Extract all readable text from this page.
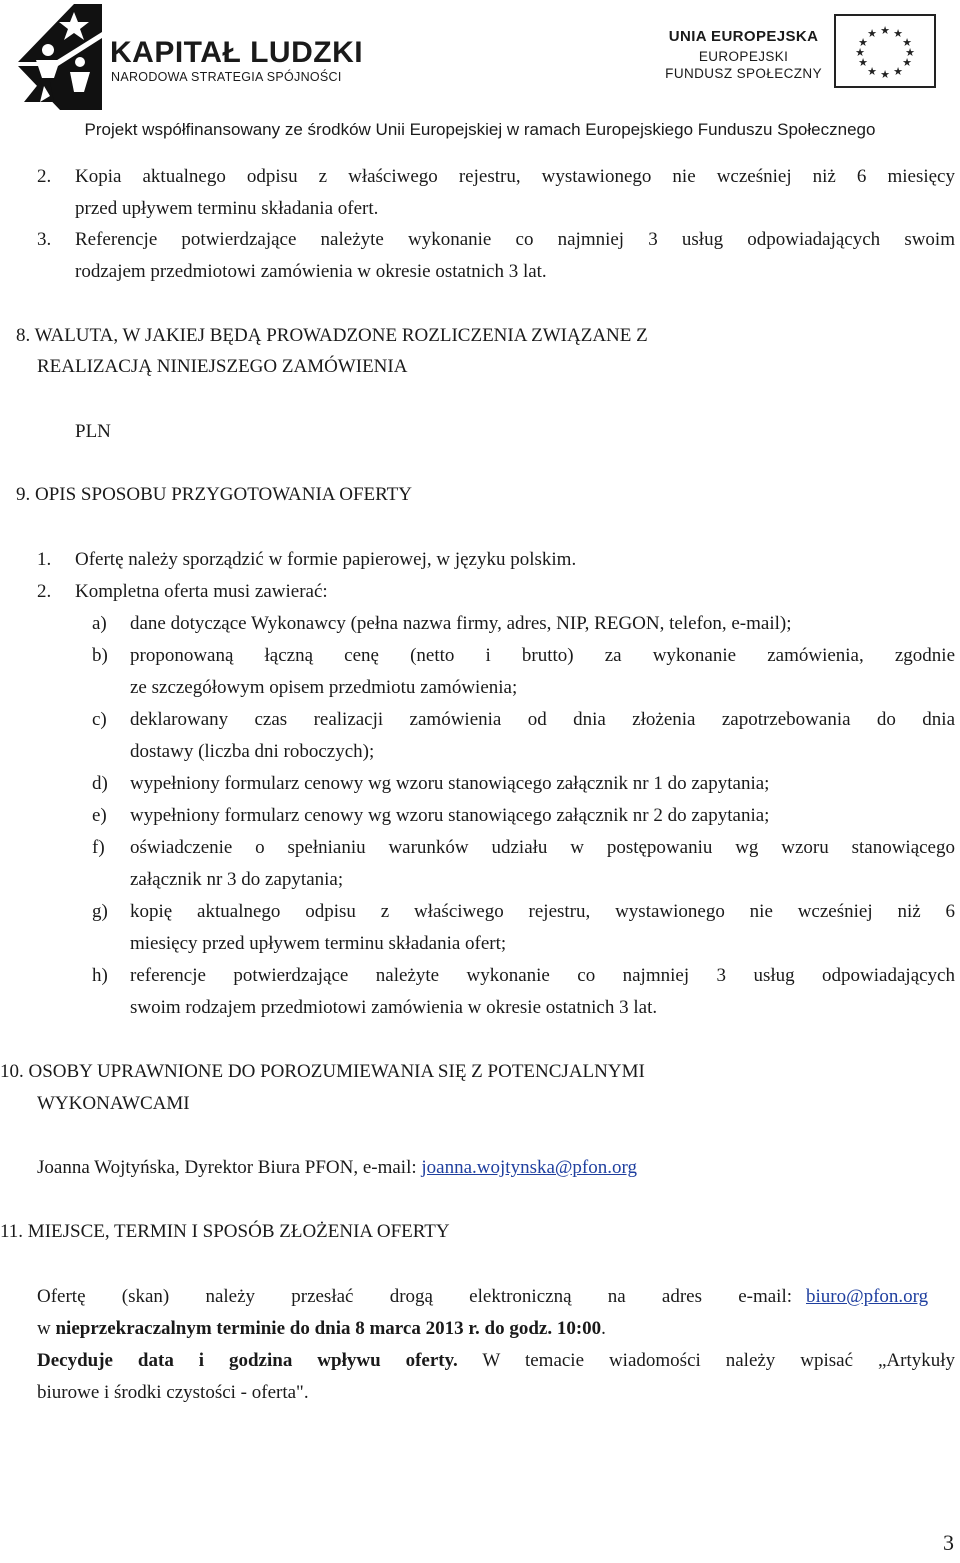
KAPITAŁ LUDZKI
NARODOWA STRATEGIA SPÓJNOŚCI
UNIA EUROPEJSKA
EUROPEJSKI
FUNDUSZ SPOŁECZNY
★ ★
★
★
★
★
★
★
★
★
★
★
Projekt współfinansowany ze środków Unii Europejskiej w ramach Europejskiego Funduszu Społecznego
2. Kopia aktualnego odpisu z właściwego rejestru, wystawionego nie wcześniej niż 6 miesięcy
przed upływem terminu składania ofert.
3. Referencje potwierdzające należyte wykonanie co najmniej 3 usług odpowiadających swoim
rodzajem przedmiotowi zamówienia w okresie ostatnich 3 lat.
8. WALUTA, W JAKIEJ BĘDĄ PROWADZONE ROZLICZENIA ZWIĄZANE Z
REALIZACJĄ NINIEJSZEGO ZAMÓWIENIA
PLN
9. OPIS SPOSOBU PRZYGOTOWANIA OFERTY
1. Ofertę należy sporządzić w formie papierowej, w języku polskim.
2. Kompletna oferta musi zawierać:
a) dane dotyczące Wykonawcy (pełna nazwa firmy, adres, NIP, REGON, telefon, e-mail);
b) proponowaną łączną cenę (netto i brutto) za wykonanie zamówienia, zgodnie
ze szczegółowym opisem przedmiotu zamówienia;
c) deklarowany czas realizacji zamówienia od dnia złożenia zapotrzebowania do dnia
dostawy (liczba dni roboczych);
d) wypełniony formularz cenowy wg wzoru stanowiącego załącznik nr 1 do zapytania;
e) wypełniony formularz cenowy wg wzoru stanowiącego załącznik nr 2 do zapytania;
f) oświadczenie o spełnianiu warunków udziału w postępowaniu wg wzoru stanowiącego
załącznik nr 3 do zapytania;
g) kopię aktualnego odpisu z właściwego rejestru, wystawionego nie wcześniej niż 6
miesięcy przed upływem terminu składania ofert;
h) referencje potwierdzające należyte wykonanie co najmniej 3 usług odpowiadających
swoim rodzajem przedmiotowi zamówienia w okresie ostatnich 3 lat.
10. OSOBY UPRAWNIONE DO POROZUMIEWANIA SIĘ Z POTENCJALNYMI
WYKONAWCAMI
Joanna Wojtyńska, Dyrektor Biura PFON, e-mail: joanna.wojtynska@pfon.org
11. MIEJSCE, TERMIN I SPOSÓB ZŁOŻENIA OFERTY
Ofertę (skan) należy przesłać drogą elektroniczną na adres e-mail: biuro@pfon.org
w nieprzekraczalnym terminie do dnia 8 marca 2013 r. do godz. 10:00.
Decyduje data i godzina wpływu oferty. W temacie wiadomości należy wpisać „Artykuły
biurowe i środki czystości - oferta".
3
